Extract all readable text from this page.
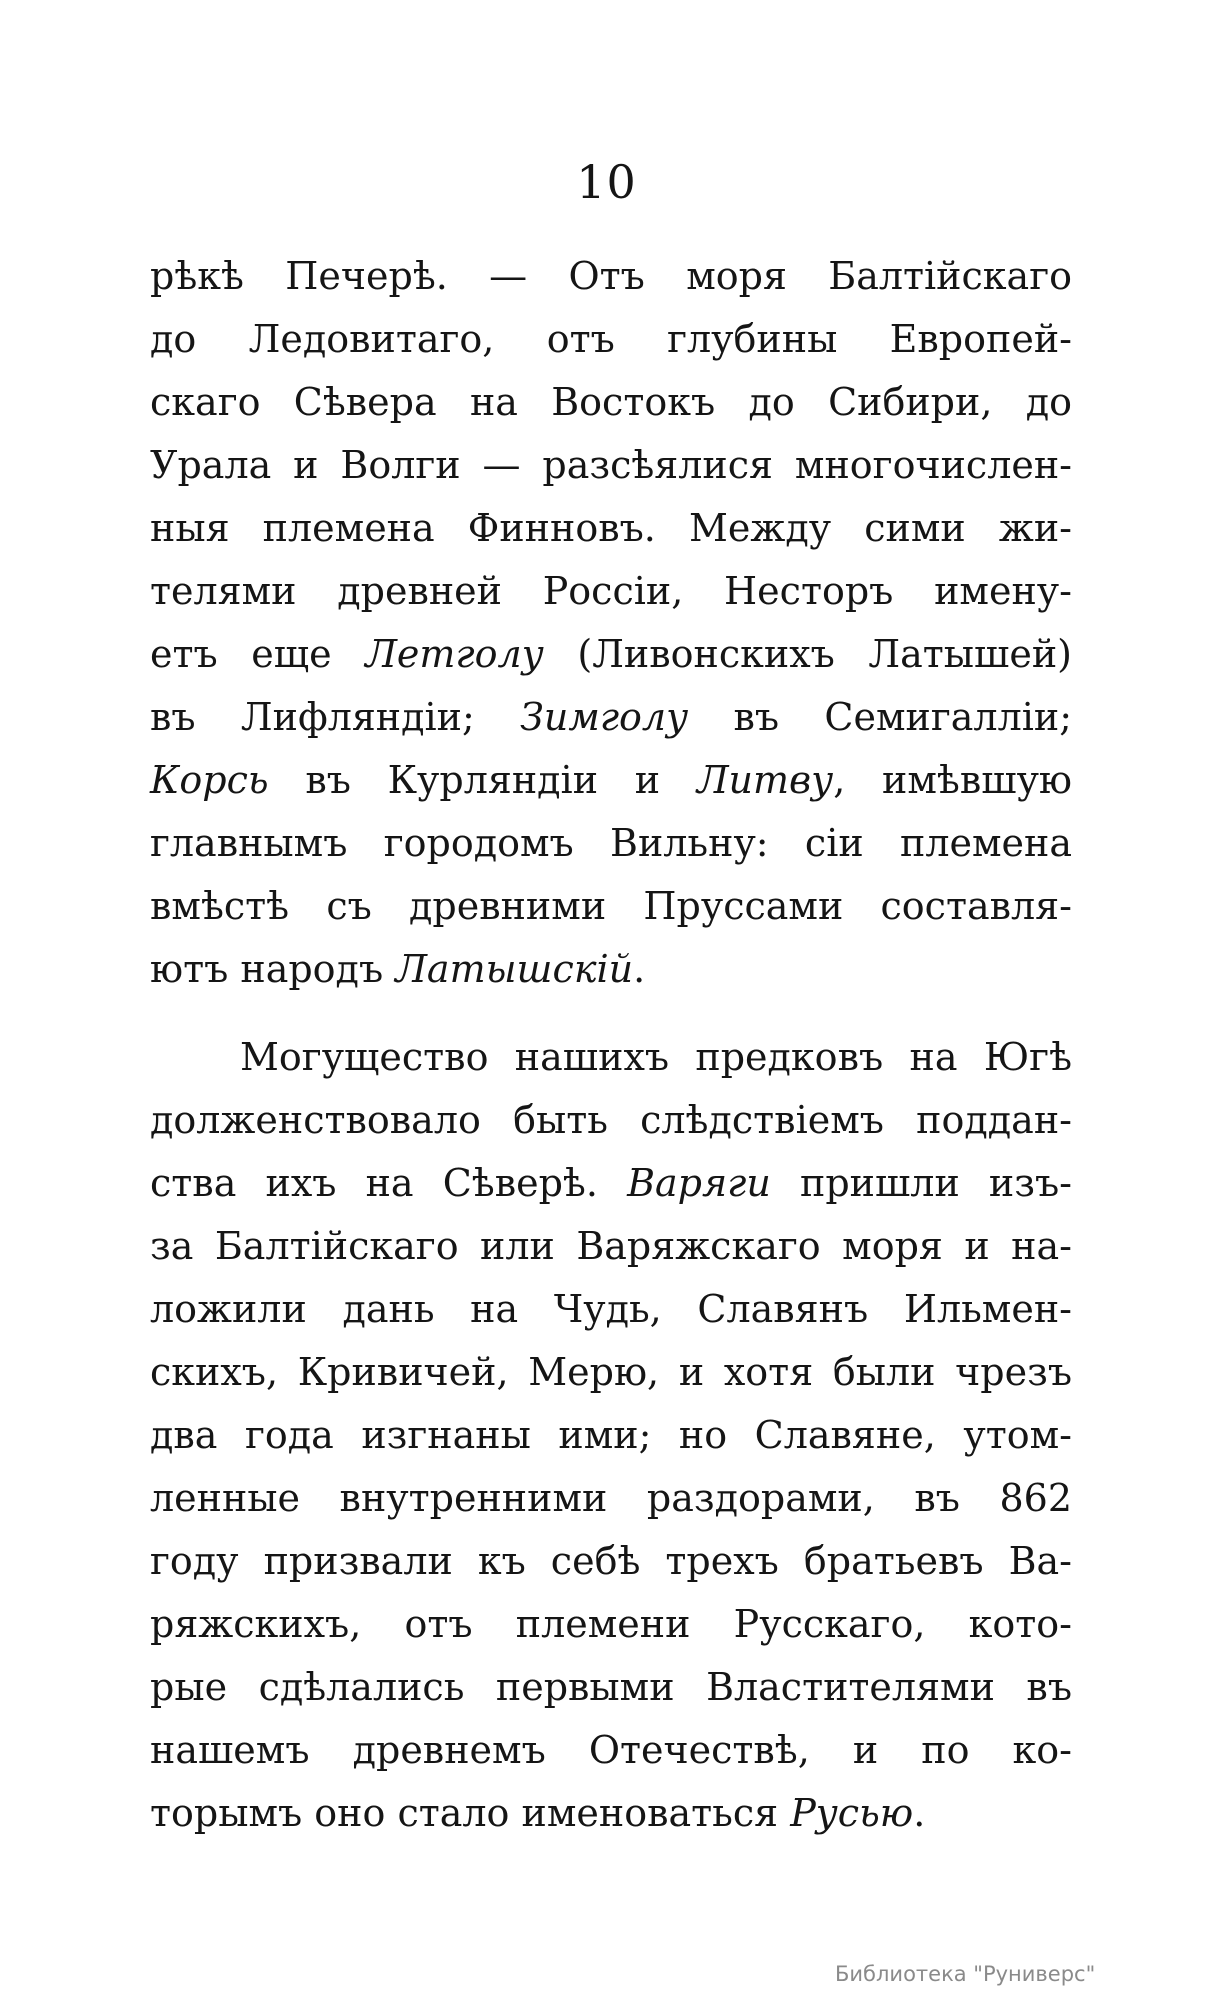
10
рѣкѣ Печерѣ. — Отъ моря Балтійскаго
до Ледовитаго, отъ глубины Европей-
скаго Сѣвера на Востокъ до Сибири, до
Урала и Волги — разсѣялися многочислен-
ныя племена Финновъ. Между сими жи-
телями древней Россіи, Несторъ имену-
етъ еще Летголу (Ливонскихъ Латышей)
въ Лифляндіи; Зимголу въ Семигалліи;
Корсь въ Курляндіи и Литву, имѣвшую
главнымъ городомъ Вильну: сіи племена
вмѣстѣ съ древними Пруссами составля-
ютъ народъ Латышскій.
Могущество нашихъ предковъ на Югѣ
долженствовало быть слѣдствіемъ поддан-
ства ихъ на Сѣверѣ. Варяги пришли изъ-
за Балтійскаго или Варяжскаго моря и на-
ложили дань на Чудь, Славянъ Ильмен-
скихъ, Кривичей, Мерю, и хотя были чрезъ
два года изгнаны ими; но Славяне, утом-
ленные внутренними раздорами, въ 862
году призвали къ себѣ трехъ братьевъ Ва-
ряжскихъ, отъ племени Русскаго, кото-
рые сдѣлались первыми Властителями въ
нашемъ древнемъ Отечествѣ, и по ко-
торымъ оно стало именоваться Русью.
Библиотека "Руниверс"
